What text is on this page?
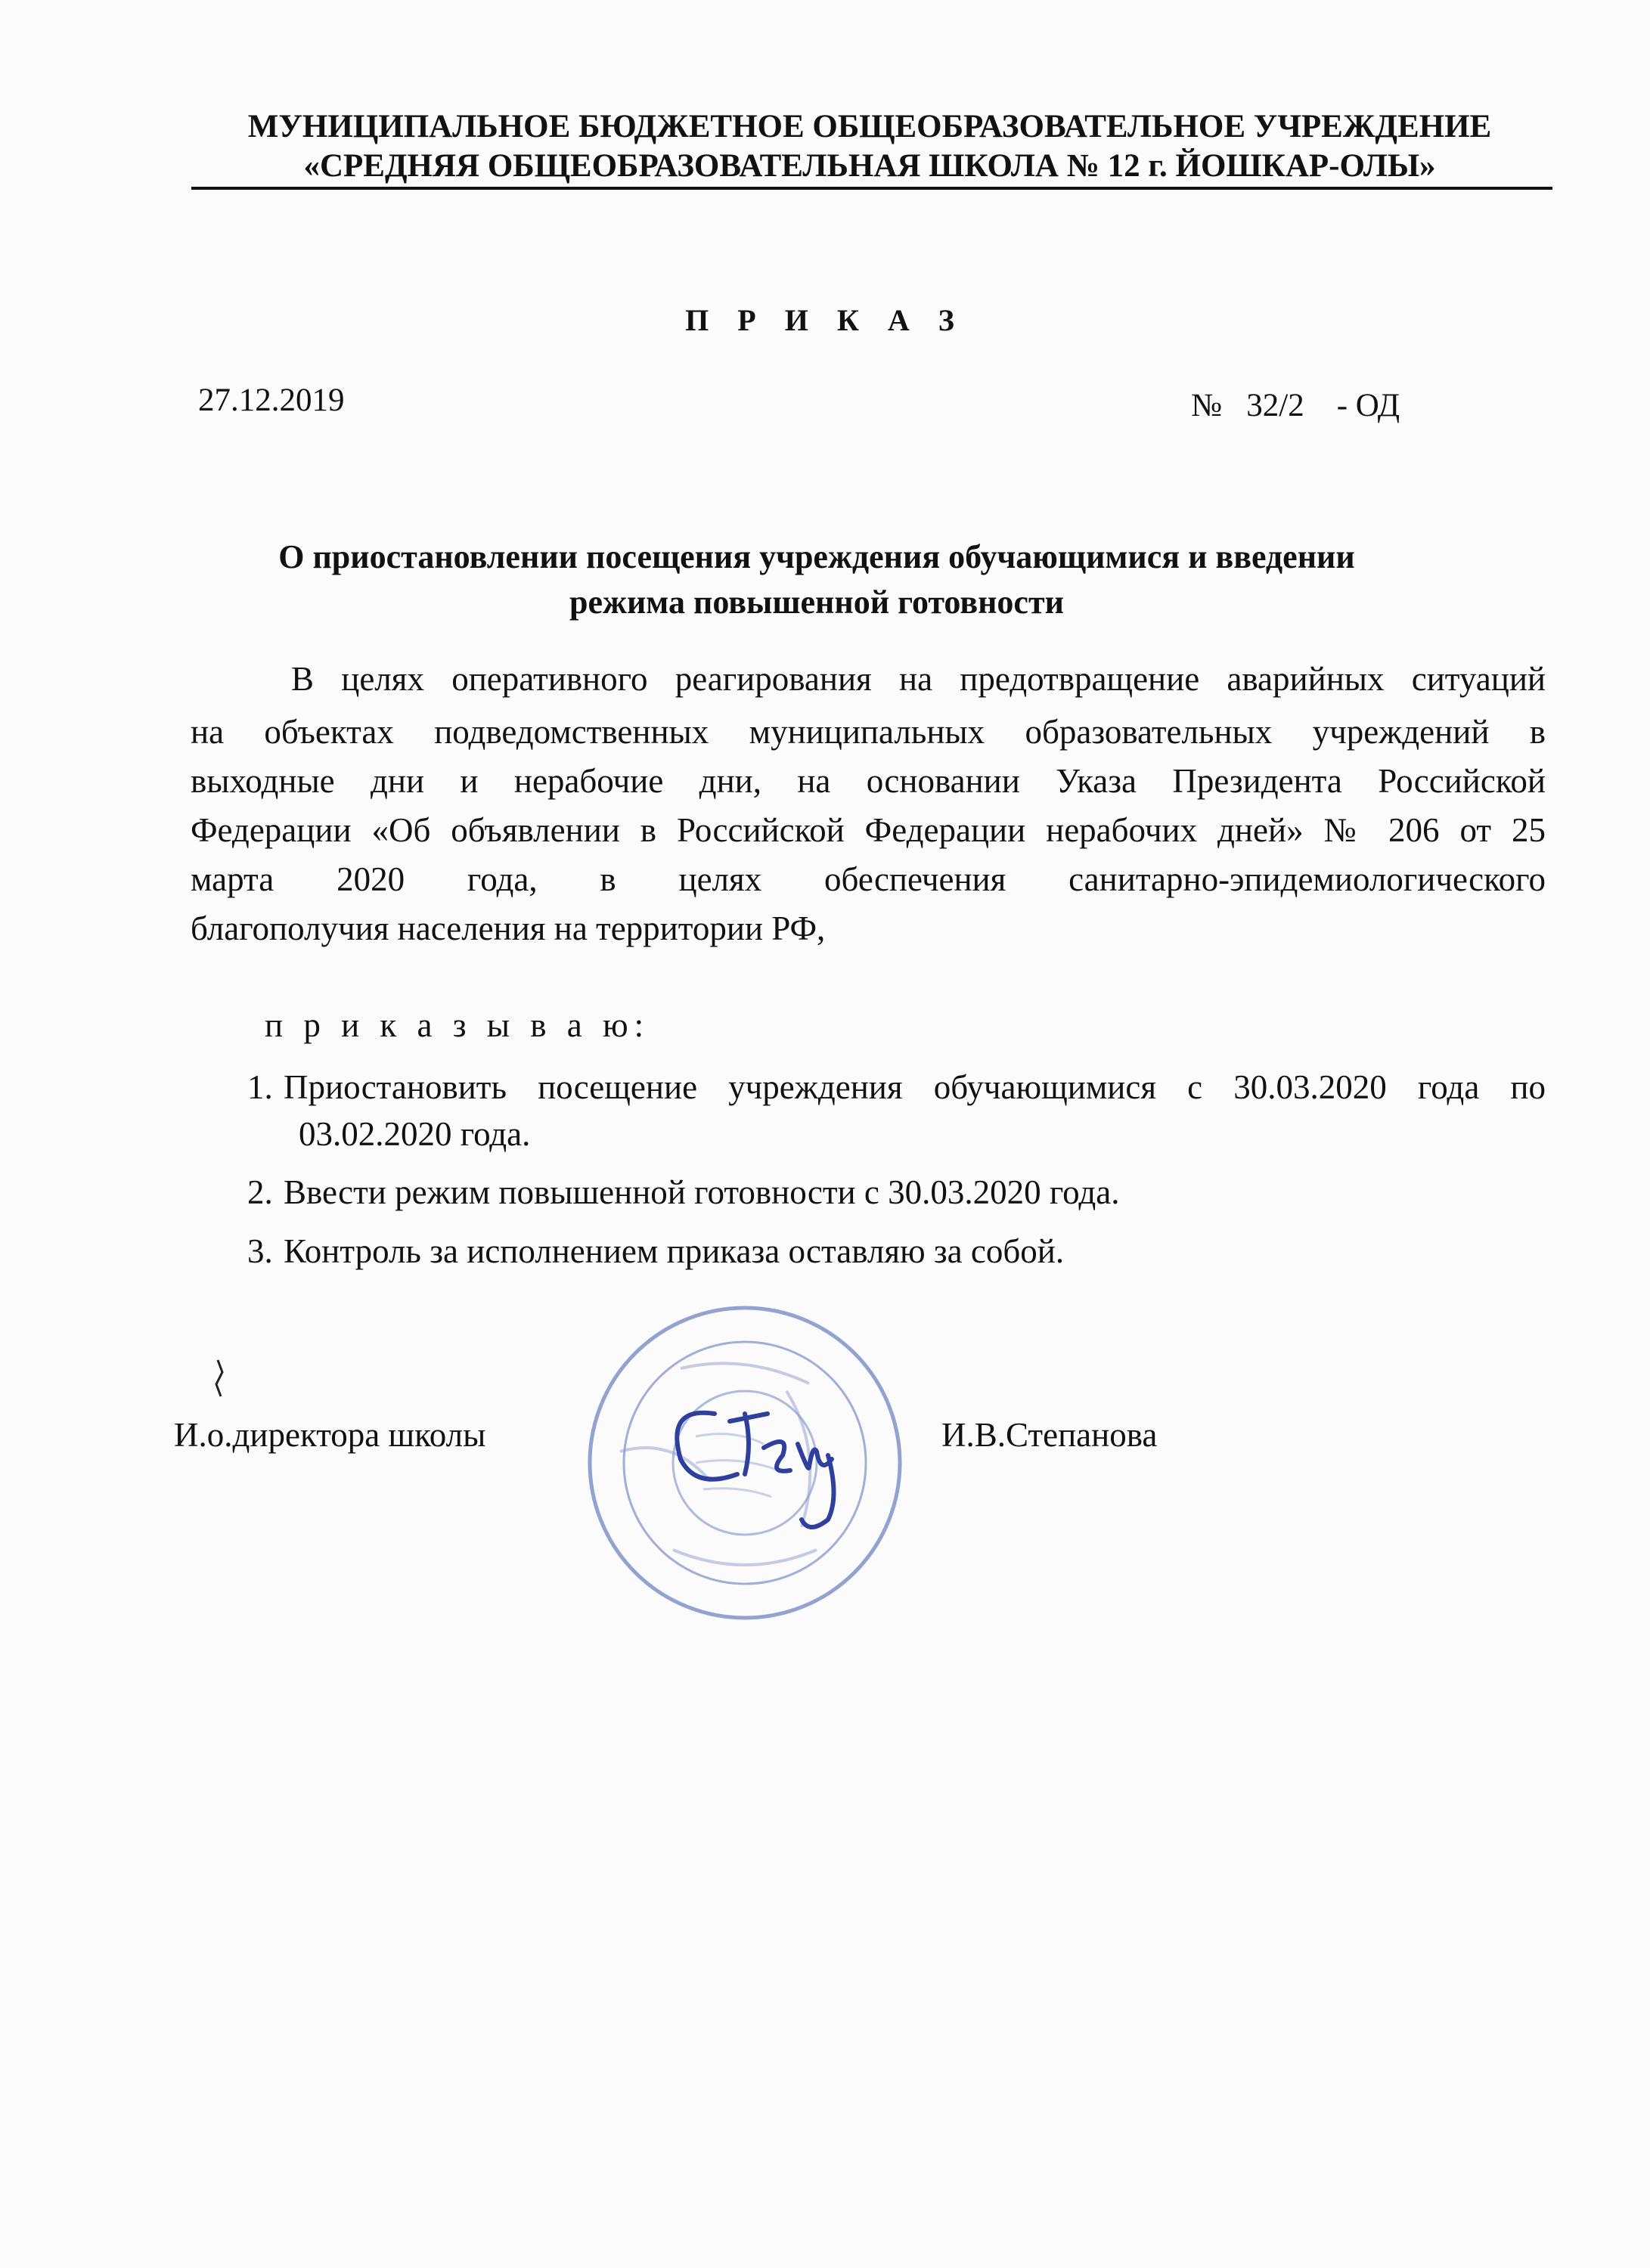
МУНИЦИПАЛЬНОЕ БЮДЖЕТНОЕ ОБЩЕОБРАЗОВАТЕЛЬНОЕ УЧРЕЖДЕНИЕ
«СРЕДНЯЯ ОБЩЕОБРАЗОВАТЕЛЬНАЯ ШКОЛА № 12 г. ЙОШКАР-ОЛЫ»
П Р И К А З
27.12.2019	№   32/2    - ОД
О приостановлении посещения учреждения обучающимися и введении
режима повышенной готовности
В целях оперативного реагирования на предотвращение аварийных ситуаций
на объектах подведомственных муниципальных образовательных учреждений в
выходные дни и нерабочие дни, на основании Указа Президента Российской
Федерации «Об объявлении в Российской Федерации нерабочих дней» № 206 от 25
марта 2020 года, в целях обеспечения санитарно-эпидемиологического
благополучия населения на территории РФ,
п р и к а з ы в а ю:
1. Приостановить посещение учреждения обучающимися с 30.03.2020 года по
03.02.2020 года.
2. Ввести режим повышенной готовности с 30.03.2020 года.
3. Контроль за исполнением приказа оставляю за собой.
И.о.директора школы	И.В.Степанова
